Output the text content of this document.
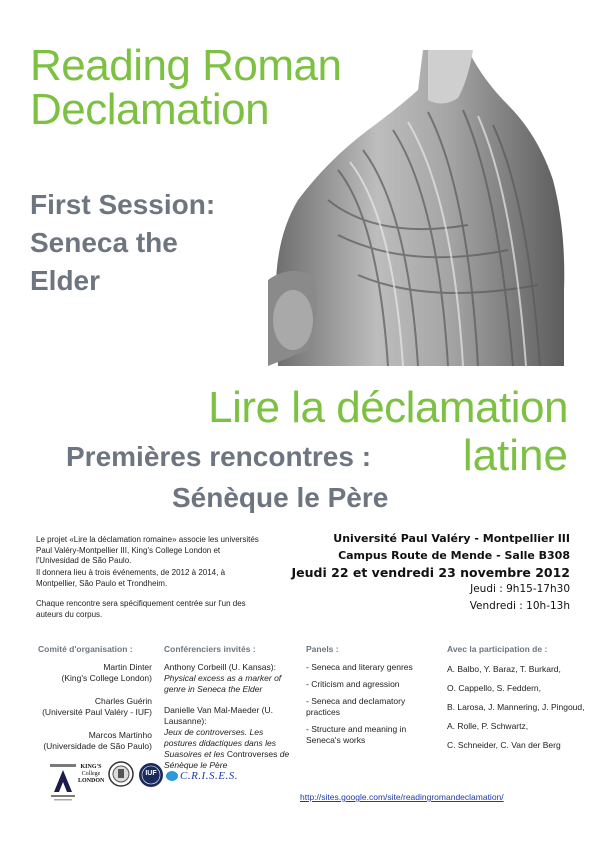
Reading Roman
Declamation
First Session:
Seneca the
Elder
Lire la déclamation
latine
Premières rencontres :
Sénèque le Père
Le projet «Lire la déclamation romaine» associe les universités Paul Valéry-Montpellier III, King's College London et l'Univesidad de São Paulo.
Il donnera lieu à trois événements, de 2012 à 2014, à Montpellier, São Paulo et Trondheim.
Chaque rencontre sera spécifiquement centrée sur l'un des auteurs du corpus.
Université Paul Valéry - Montpellier III
Campus Route de Mende - Salle B308
Jeudi 22 et vendredi 23 novembre 2012
Jeudi : 9h15-17h30
Vendredi : 10h-13h
Comité d'organisation :
Martin Dinter
(King's College London)
Charles Guérin
(Université Paul Valéry - IUF)
Marcos Martinho
(Universidade de São Paulo)
Conférenciers invités :
Anthony Corbeill (U. Kansas):
Physical excess as a marker of genre in Seneca the Elder
Danielle Van Mal-Maeder (U. Lausanne):
Jeux de controverses. Les postures didactiques dans les Suasoires et les Controverses de Sénèque le Père
Panels :
- Seneca and literary genres
- Criticism and agression
- Seneca and declamatory practices
- Structure and meaning in Seneca's works
Avec la participation de :
A. Balbo, Y. Baraz, T. Burkard,
O. Cappello, S. Feddern,
B. Larosa, J. Mannering, J. Pingoud,
A. Rolle, P. Schwartz,
C. Schneider, C. Van der Berg
KING'S
College
LONDON
IUF	C.R.I.S.E.S.
http://sites.google.com/site/readingromandeclamation/
